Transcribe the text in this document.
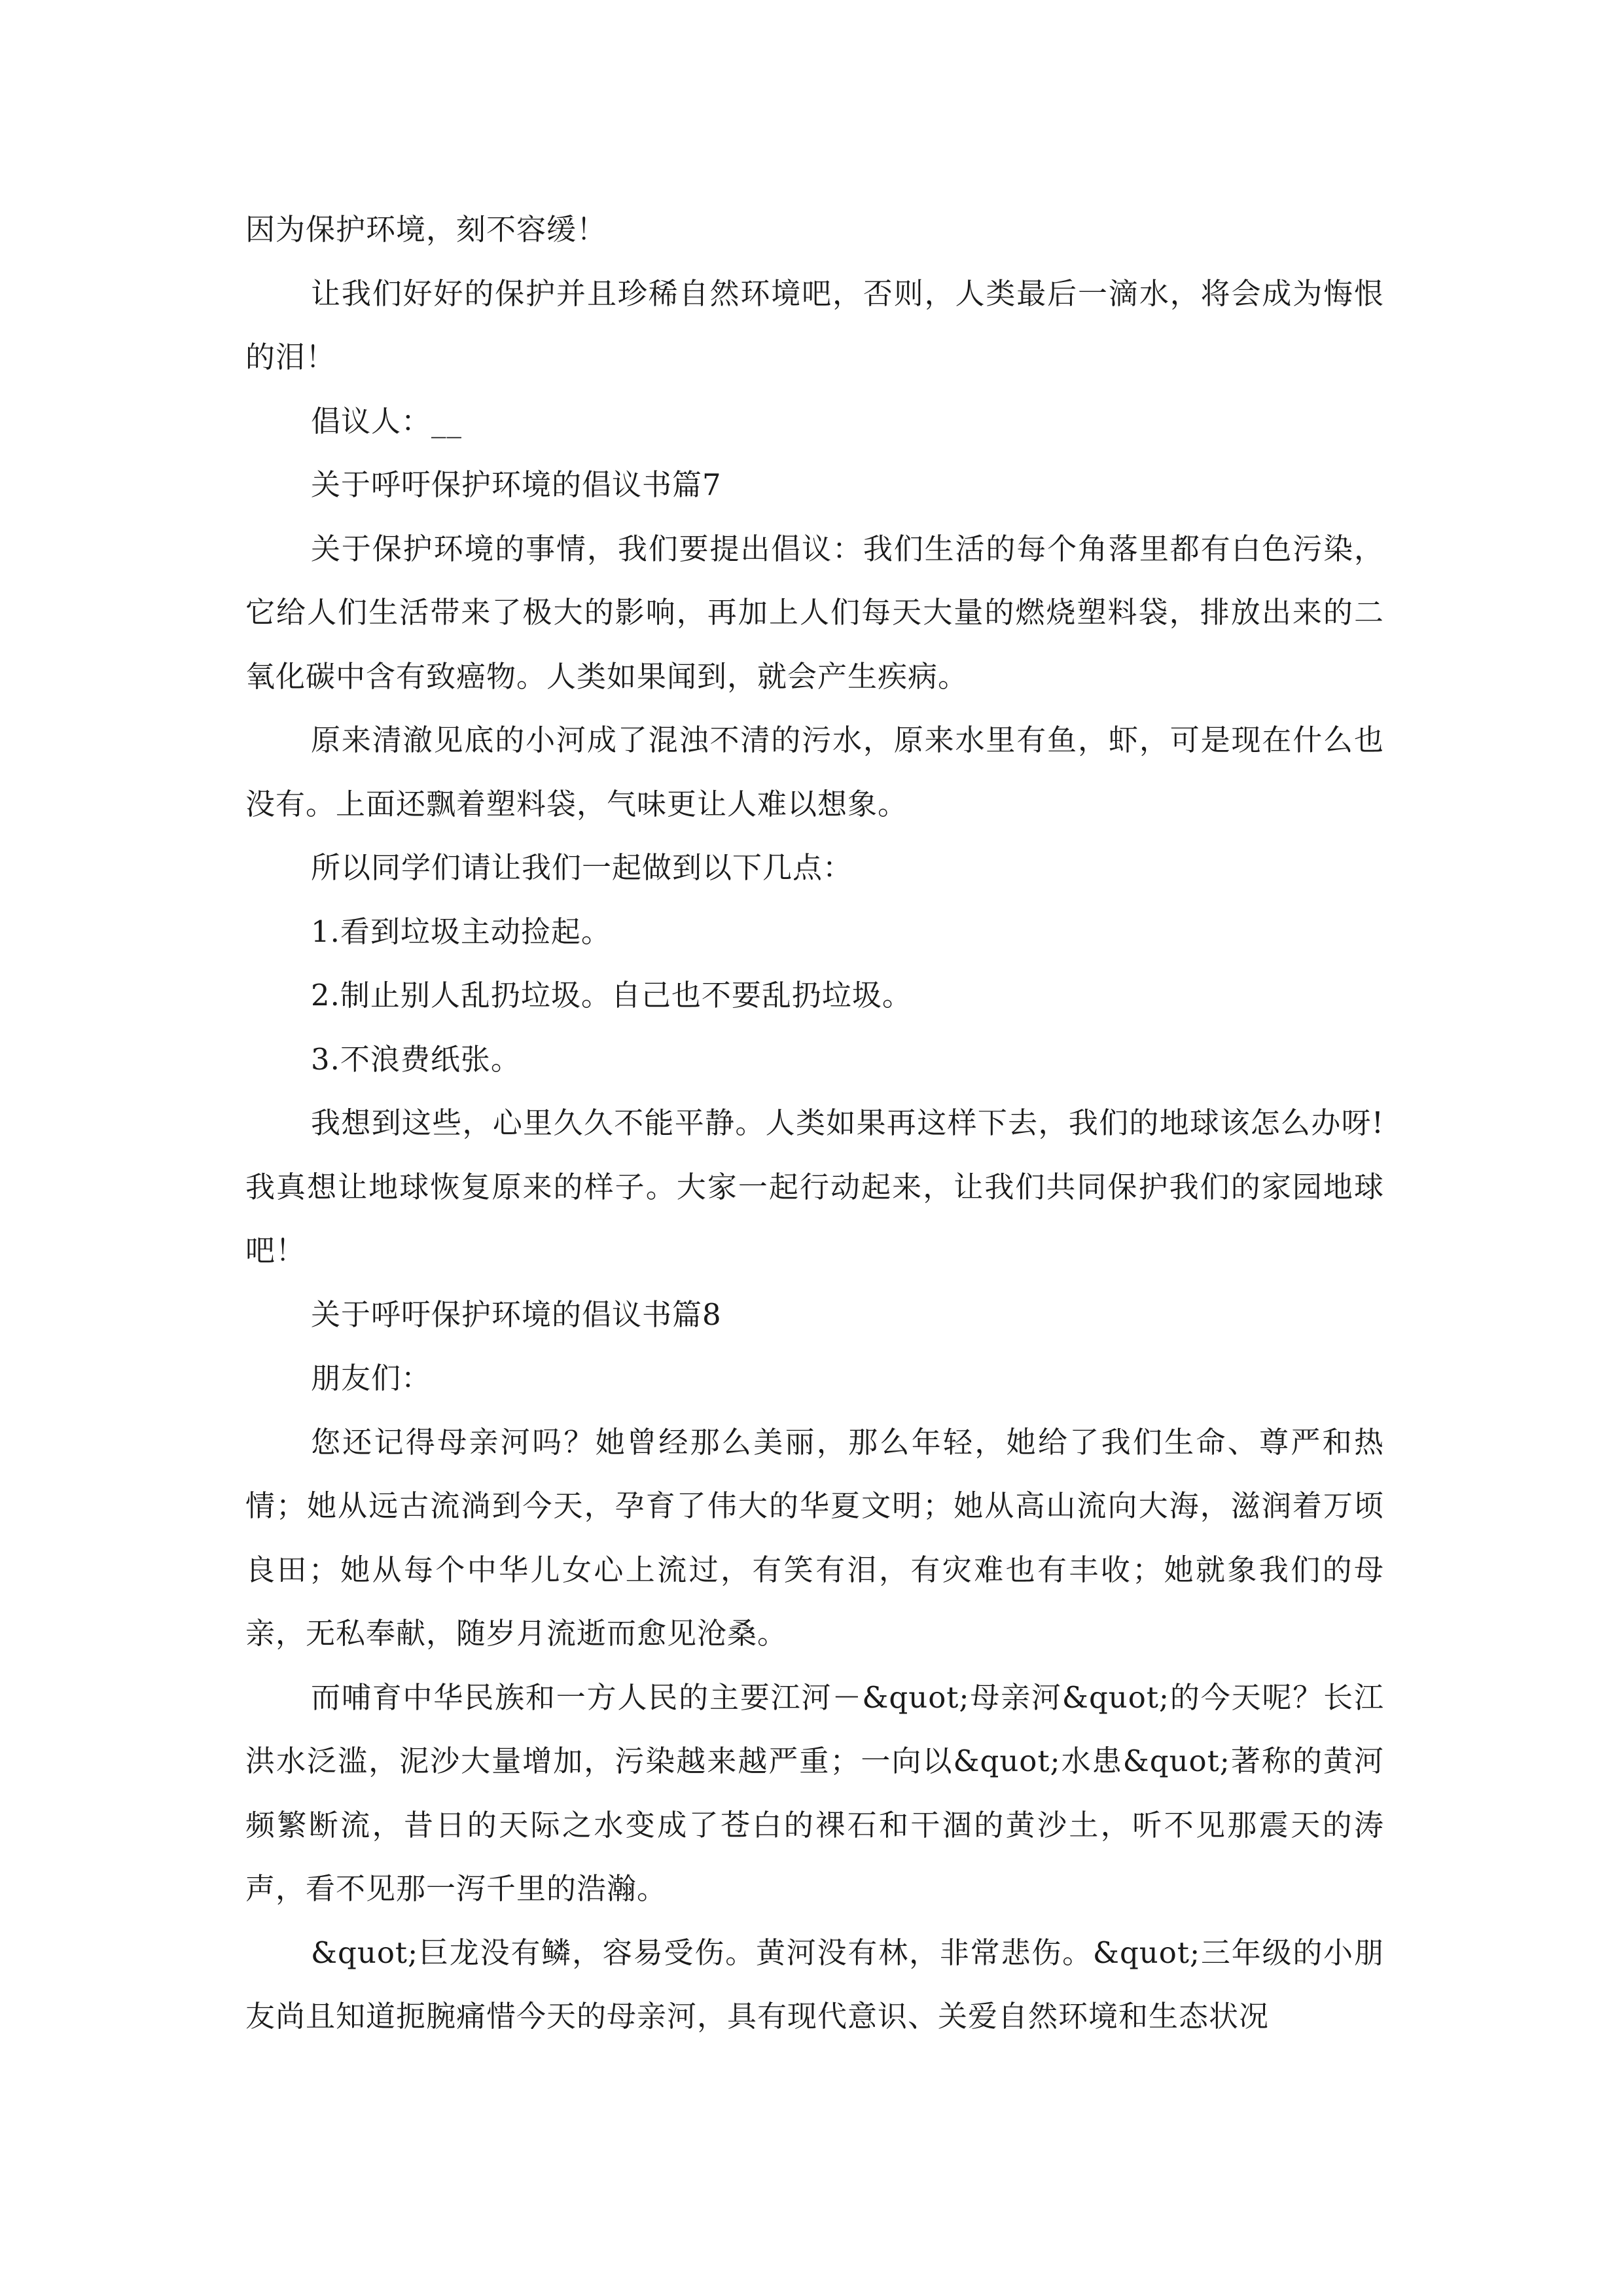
因为保护环境，刻不容缓！

让我们好好的保护并且珍稀自然环境吧，否则，人类最后一滴水，将会成为悔恨的泪！

倡议人：__

关于呼吁保护环境的倡议书篇7

关于保护环境的事情，我们要提出倡议：我们生活的每个角落里都有白色污染，它给人们生活带来了极大的影响，再加上人们每天大量的燃烧塑料袋，排放出来的二氧化碳中含有致癌物。人类如果闻到，就会产生疾病。

原来清澈见底的小河成了混浊不清的污水，原来水里有鱼，虾，可是现在什么也没有。上面还飘着塑料袋，气味更让人难以想象。

所以同学们请让我们一起做到以下几点：

1.看到垃圾主动捡起。

2.制止别人乱扔垃圾。自己也不要乱扔垃圾。

3.不浪费纸张。

我想到这些，心里久久不能平静。人类如果再这样下去，我们的地球该怎么办呀!我真想让地球恢复原来的样子。大家一起行动起来，让我们共同保护我们的家园地球吧！

关于呼吁保护环境的倡议书篇8

朋友们：

您还记得母亲河吗？她曾经那么美丽，那么年轻，她给了我们生命、尊严和热情；她从远古流淌到今天，孕育了伟大的华夏文明；她从高山流向大海，滋润着万顷良田；她从每个中华儿女心上流过，有笑有泪，有灾难也有丰收；她就象我们的母亲，无私奉献，随岁月流逝而愈见沧桑。

而哺育中华民族和一方人民的主要江河－&quot;母亲河&quot;的今天呢？长江洪水泛滥，泥沙大量增加，污染越来越严重；一向以&quot;水患&quot;著称的黄河频繁断流，昔日的天际之水变成了苍白的裸石和干涸的黄沙土，听不见那震天的涛声，看不见那一泻千里的浩瀚。

&quot;巨龙没有鳞，容易受伤。黄河没有林，非常悲伤。&quot;三年级的小朋友尚且知道扼腕痛惜今天的母亲河，具有现代意识、关爱自然环境和生态状况
